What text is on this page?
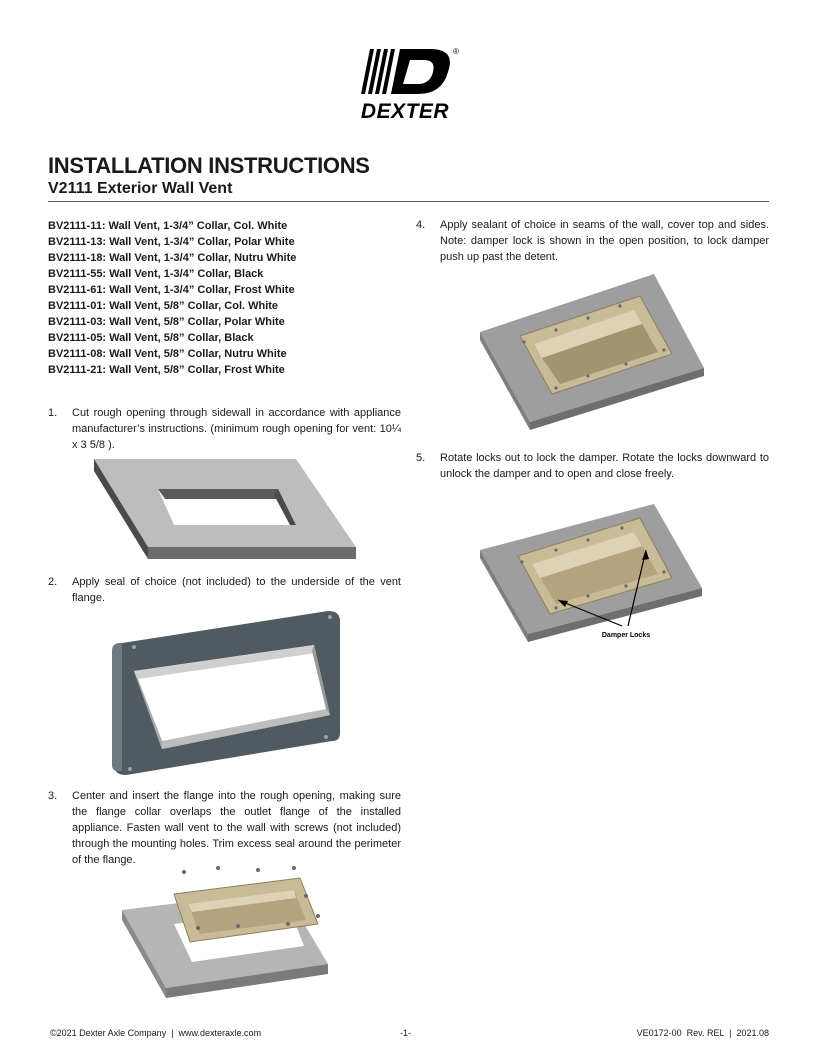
®
DEXTER
INSTALLATION INSTRUCTIONS
V2111 Exterior Wall Vent
BV2111-11: Wall Vent, 1-3/4” Collar, Col. White
BV2111-13: Wall Vent, 1-3/4” Collar, Polar White
BV2111-18: Wall Vent, 1-3/4” Collar, Nutru White
BV2111-55: Wall Vent, 1-3/4” Collar, Black
BV2111-61: Wall Vent, 1-3/4” Collar, Frost White
BV2111-01: Wall Vent, 5/8” Collar, Col. White
BV2111-03: Wall Vent, 5/8” Collar, Polar White
BV2111-05: Wall Vent, 5/8” Collar, Black
BV2111-08: Wall Vent, 5/8” Collar, Nutru White
BV2111-21: Wall Vent, 5/8” Collar, Frost White
1. Cut rough opening through sidewall in accordance with appliance manufacturer’s instructions. (minimum rough opening for vent: 10¼ x 3 5/8 ).
2. Apply seal of choice (not included) to the underside of the vent flange.
3. Center and insert the flange into the rough opening, making sure the flange collar overlaps the outlet flange of the installed appliance. Fasten wall vent to the wall with screws (not included) through the mounting holes. Trim excess seal around the perimeter of the flange.
4. Apply sealant of choice in seams of the wall, cover top and sides. Note: damper lock is shown in the open position, to lock damper push up past the detent.
5. Rotate locks out to lock the damper. Rotate the locks downward to unlock the damper and to open and close freely.
Damper Locks
©2021 Dexter Axle Company  |  www.dexteraxle.com	-1-	VE0172-00  Rev. REL  |  2021.08
